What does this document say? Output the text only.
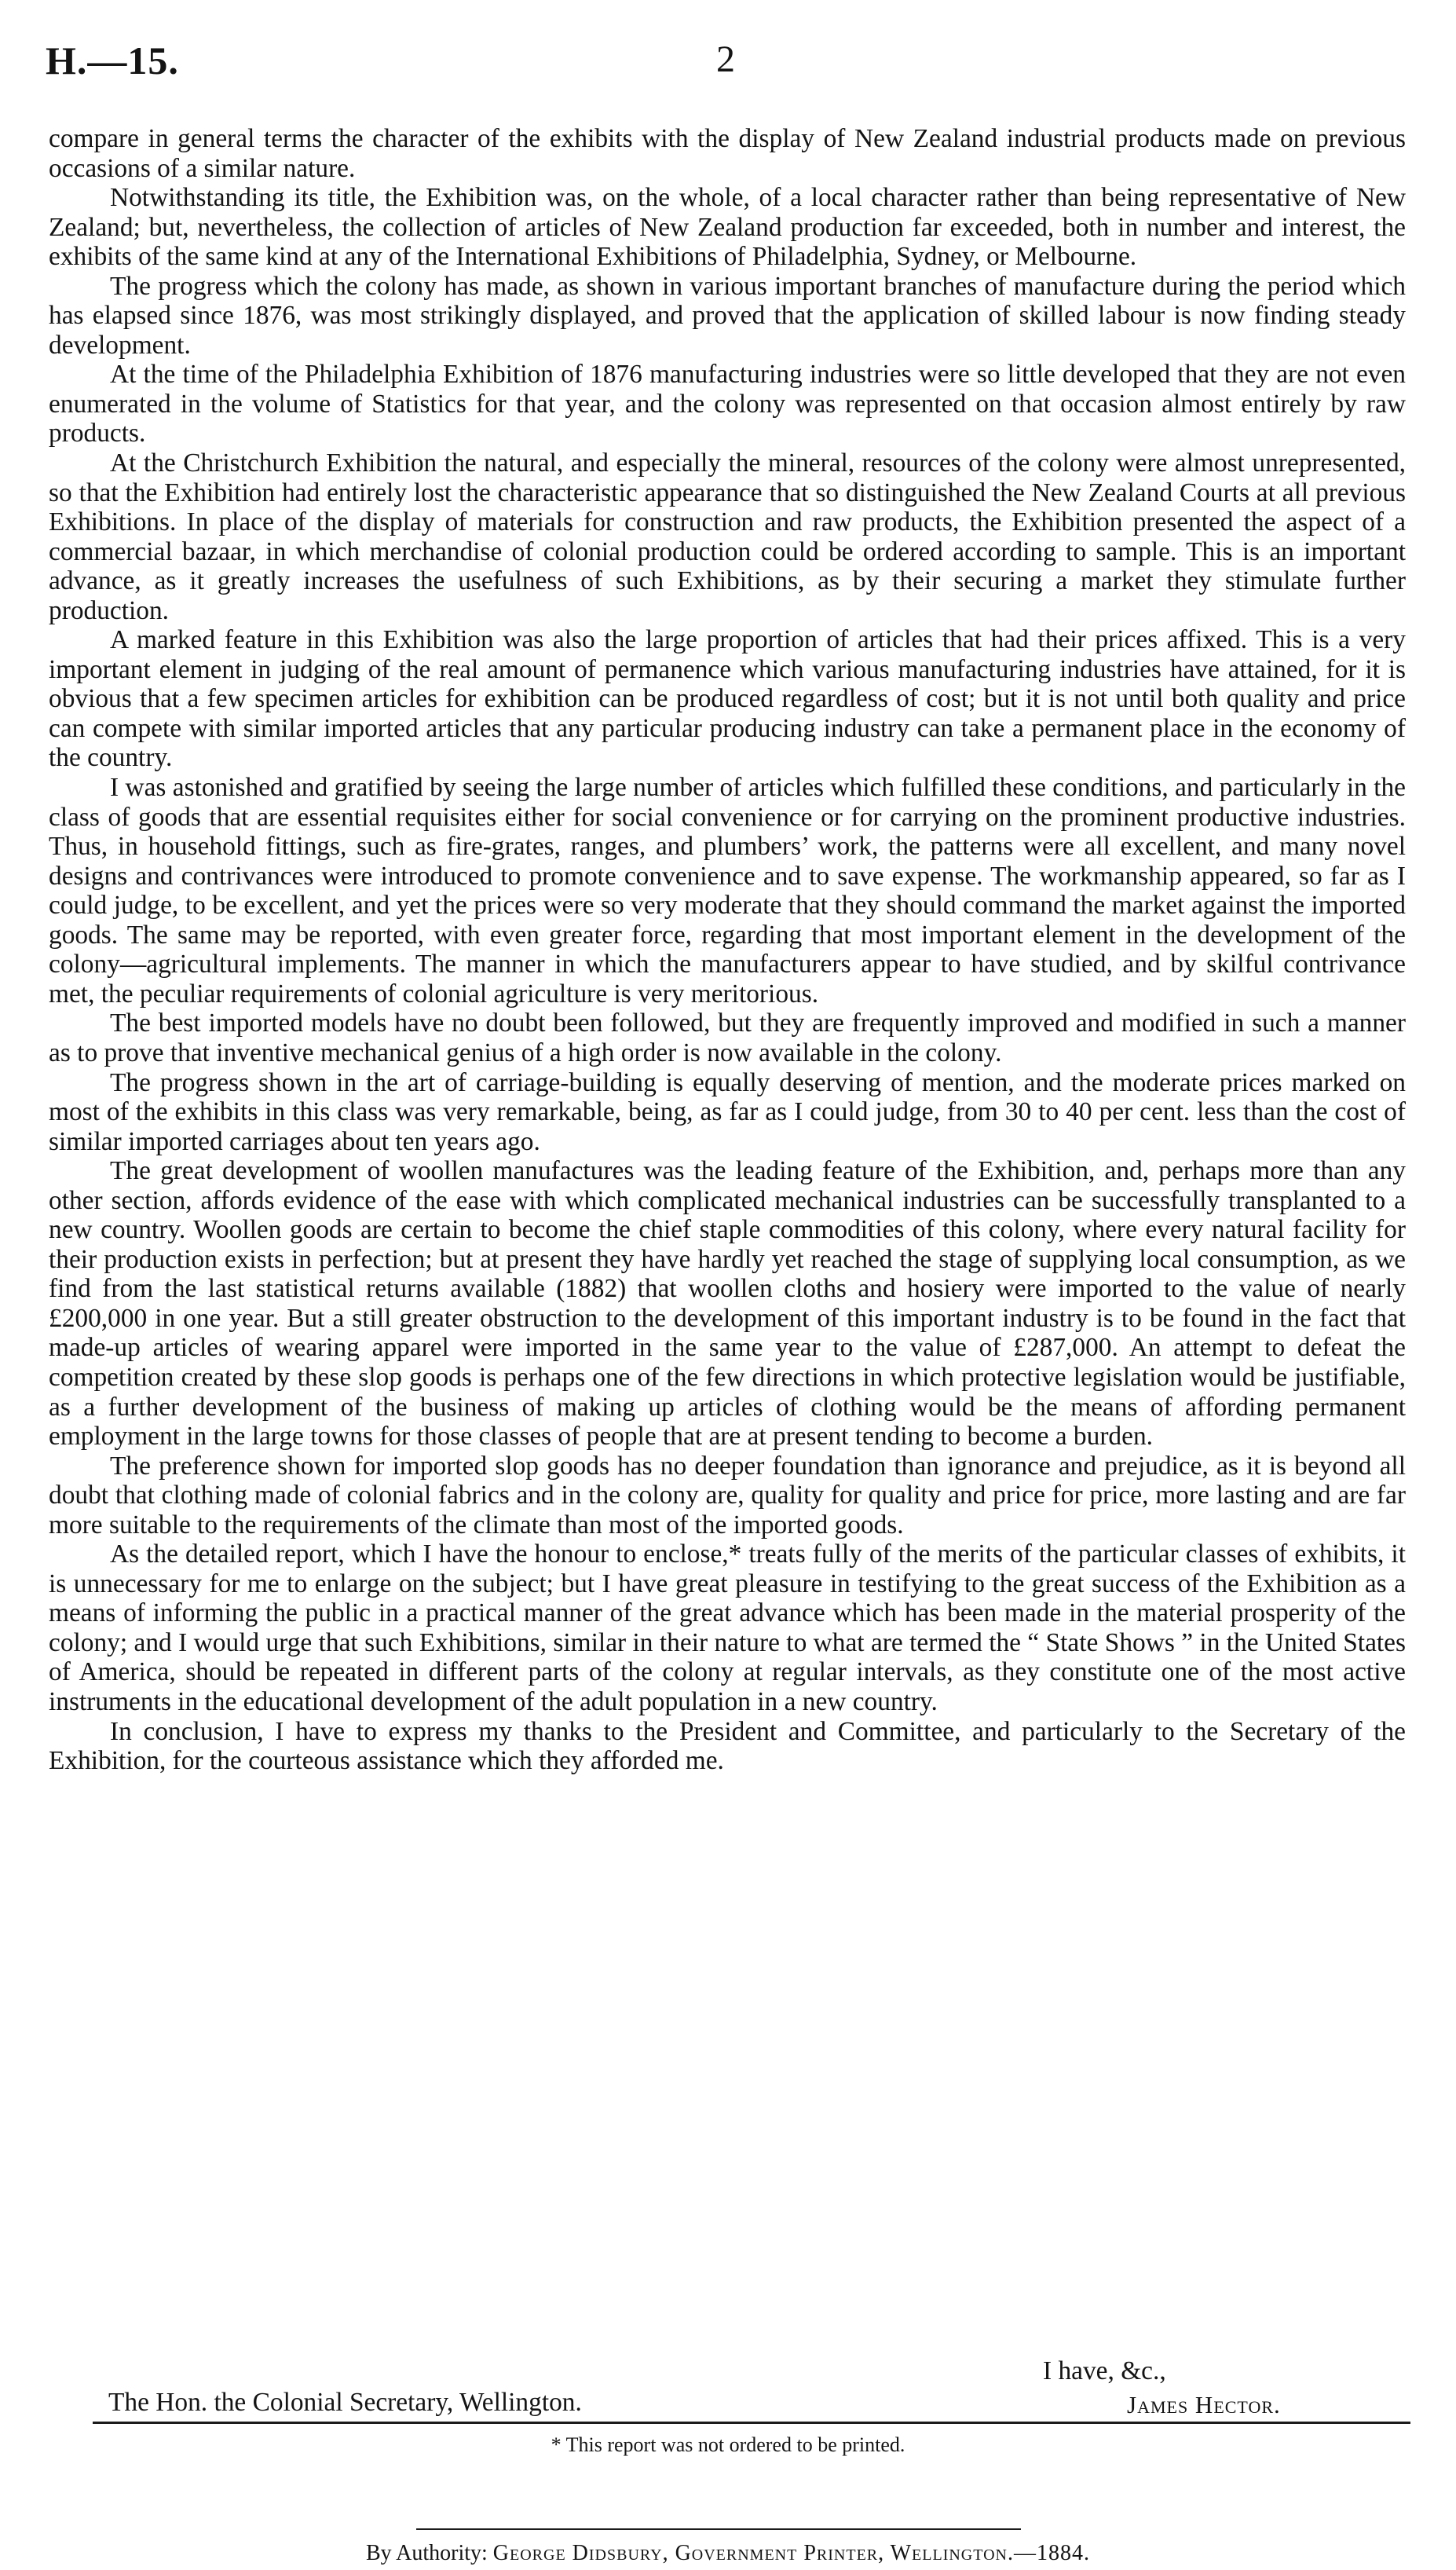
H.—15.	2

compare in general terms the character of the exhibits with the display of New Zealand industrial products made on previous occasions of a similar nature.

Notwithstanding its title, the Exhibition was, on the whole, of a local character rather than being representative of New Zealand; but, nevertheless, the collection of articles of New Zealand production far exceeded, both in number and interest, the exhibits of the same kind at any of the International Exhibitions of Philadelphia, Sydney, or Melbourne.

The progress which the colony has made, as shown in various important branches of manufacture during the period which has elapsed since 1876, was most strikingly displayed, and proved that the application of skilled labour is now finding steady development.

At the time of the Philadelphia Exhibition of 1876 manufacturing industries were so little developed that they are not even enumerated in the volume of Statistics for that year, and the colony was represented on that occasion almost entirely by raw products.

At the Christchurch Exhibition the natural, and especially the mineral, resources of the colony were almost unrepresented, so that the Exhibition had entirely lost the characteristic appearance that so distinguished the New Zealand Courts at all previous Exhibitions. In place of the display of materials for construction and raw products, the Exhibition presented the aspect of a commercial bazaar, in which merchandise of colonial production could be ordered according to sample. This is an important advance, as it greatly increases the usefulness of such Exhibitions, as by their securing a market they stimulate further production.

A marked feature in this Exhibition was also the large proportion of articles that had their prices affixed. This is a very important element in judging of the real amount of permanence which various manufacturing industries have attained, for it is obvious that a few specimen articles for exhibition can be produced regardless of cost; but it is not until both quality and price can compete with similar imported articles that any particular producing industry can take a permanent place in the economy of the country.

I was astonished and gratified by seeing the large number of articles which fulfilled these conditions, and particularly in the class of goods that are essential requisites either for social convenience or for carrying on the prominent productive industries. Thus, in household fittings, such as fire-grates, ranges, and plumbers’ work, the patterns were all excellent, and many novel designs and contrivances were introduced to promote convenience and to save expense. The workmanship appeared, so far as I could judge, to be excellent, and yet the prices were so very moderate that they should command the market against the imported goods. The same may be reported, with even greater force, regarding that most important element in the development of the colony—agricultural implements. The manner in which the manufacturers appear to have studied, and by skilful contrivance met, the peculiar requirements of colonial agriculture is very meritorious.

The best imported models have no doubt been followed, but they are frequently improved and modified in such a manner as to prove that inventive mechanical genius of a high order is now available in the colony.

The progress shown in the art of carriage-building is equally deserving of mention, and the moderate prices marked on most of the exhibits in this class was very remarkable, being, as far as I could judge, from 30 to 40 per cent. less than the cost of similar imported carriages about ten years ago.

The great development of woollen manufactures was the leading feature of the Exhibition, and, perhaps more than any other section, affords evidence of the ease with which complicated mechanical industries can be successfully transplanted to a new country. Woollen goods are certain to become the chief staple commodities of this colony, where every natural facility for their production exists in perfection; but at present they have hardly yet reached the stage of supplying local consumption, as we find from the last statistical returns available (1882) that woollen cloths and hosiery were imported to the value of nearly £200,000 in one year. But a still greater obstruction to the development of this important industry is to be found in the fact that made-up articles of wearing apparel were imported in the same year to the value of £287,000. An attempt to defeat the competition created by these slop goods is perhaps one of the few directions in which protective legislation would be justifiable, as a further development of the business of making up articles of clothing would be the means of affording permanent employment in the large towns for those classes of people that are at present tending to become a burden.

The preference shown for imported slop goods has no deeper foundation than ignorance and prejudice, as it is beyond all doubt that clothing made of colonial fabrics and in the colony are, quality for quality and price for price, more lasting and are far more suitable to the requirements of the climate than most of the imported goods.

As the detailed report, which I have the honour to enclose,* treats fully of the merits of the particular classes of exhibits, it is unnecessary for me to enlarge on the subject; but I have great pleasure in testifying to the great success of the Exhibition as a means of informing the public in a practical manner of the great advance which has been made in the material prosperity of the colony; and I would urge that such Exhibitions, similar in their nature to what are termed the “ State Shows ” in the United States of America, should be repeated in different parts of the colony at regular intervals, as they constitute one of the most active instruments in the educational development of the adult population in a new country.

In conclusion, I have to express my thanks to the President and Committee, and particularly to the Secretary of the Exhibition, for the courteous assistance which they afforded me.

I have, &c.,
The Hon. the Colonial Secretary, Wellington.	James Hector.
* This report was not ordered to be printed.
By Authority: George Didsbury, Government Printer, Wellington.—1884.
